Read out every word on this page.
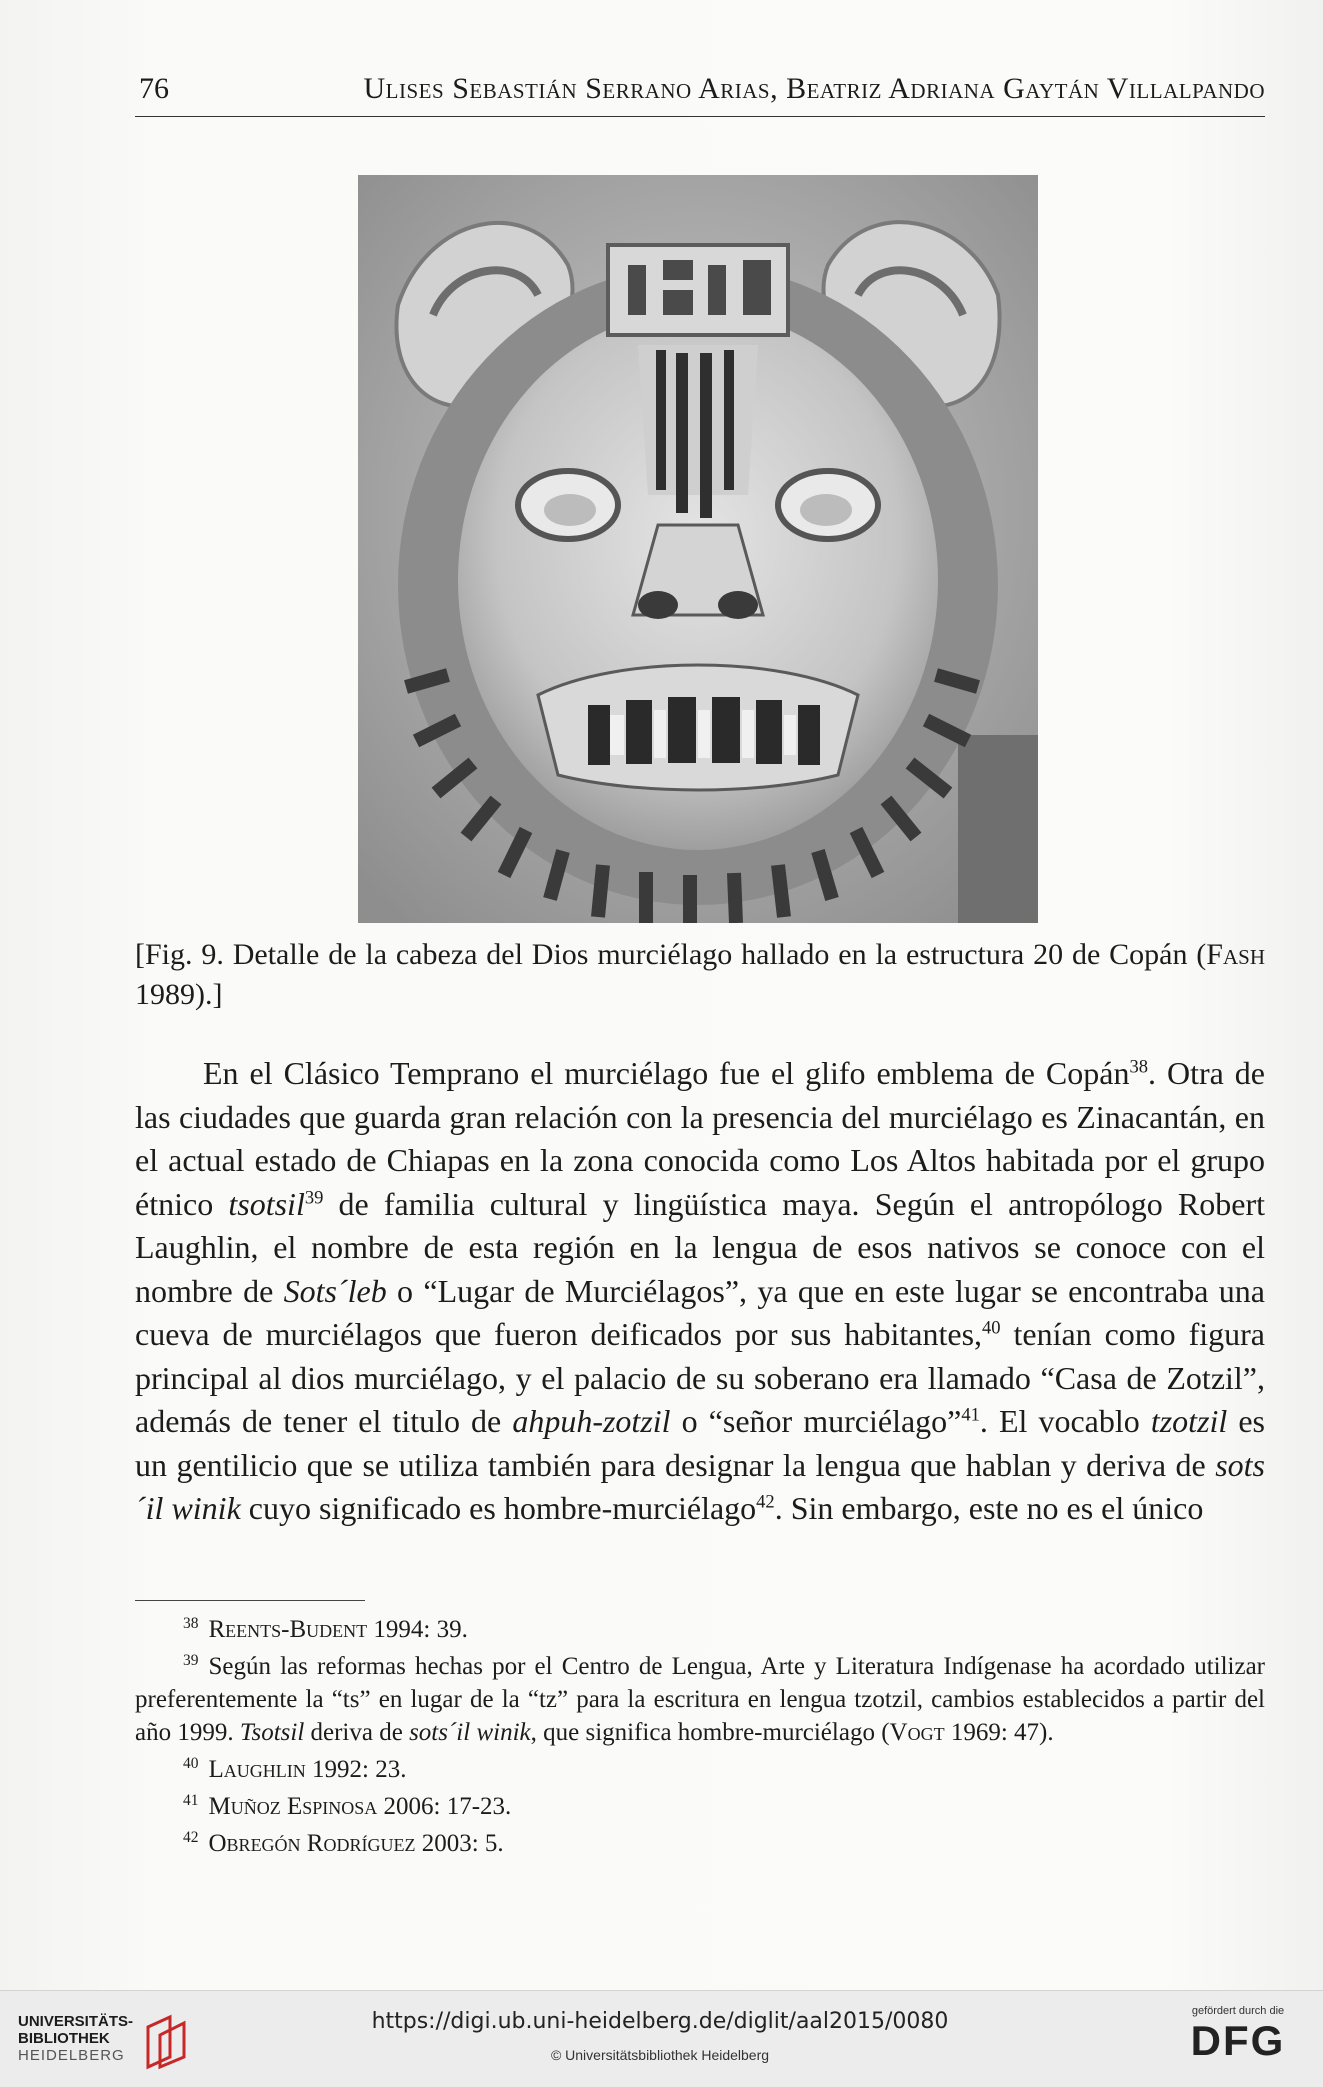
76	Ulises Sebastián Serrano Arias, Beatriz Adriana Gaytán Villalpando
[Fig. 9. Detalle de la cabeza del Dios murciélago hallado en la estructura 20 de Copán (Fash 1989).]

En el Clásico Temprano el murciélago fue el glifo emblema de Copán$^{38}$. Otra de las ciudades que guarda gran relación con la presencia del murciélago es Zinacantán, en el actual estado de Chiapas en la zona conocida como Los Altos habitada por el grupo étnico tsotsil$^{39}$ de familia cultural y lingüística maya. Según el antropólogo Robert Laughlin, el nombre de esta región en la lengua de esos nativos se conoce con el nombre de Sots´leb o “Lugar de Murciélagos”, ya que en este lugar se encontraba una cueva de murciélagos que fueron deificados por sus habitantes,$^{40}$ tenían como figura principal al dios murciélago, y el palacio de su soberano era llamado “Casa de Zotzil”, además de tener el titulo de ahpuh-zotzil o “señor murciélago”$^{41}$. El vocablo tzotzil es un gentilicio que se utiliza también para designar la lengua que hablan y deriva de sots´il winik cuyo significado es hombre-murciélago$^{42}$. Sin embargo, este no es el único

$^{38}$ Reents-Budent 1994: 39.

$^{39}$ Según las reformas hechas por el Centro de Lengua, Arte y Literatura Indígenase ha acordado utilizar preferentemente la “ts” en lugar de la “tz” para la escritura en lengua tzotzil, cambios establecidos a partir del año 1999. Tsotsil deriva de sots´il winik, que significa hombre-murciélago (Vogt 1969: 47).

$^{40}$ Laughlin 1992: 23.

$^{41}$ Muñoz Espinosa 2006: 17-23.

$^{42}$ Obregón Rodríguez 2003: 5.

UNIVERSITÄTS-
BIBLIOTHEK
HEIDELBERG
https://digi.ub.uni-heidelberg.de/diglit/aal2015/0080
© Universitätsbibliothek Heidelberg
gefördert durch die
DFG
